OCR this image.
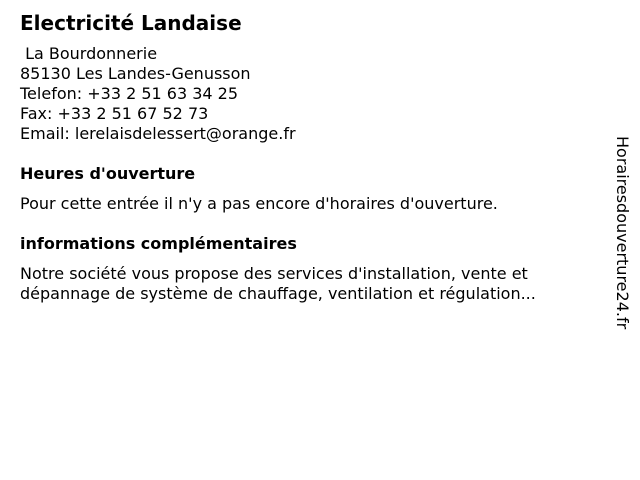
Electricité Landaise
La Bourdonnerie
85130 Les Landes-Genusson
Telefon: +33 2 51 63 34 25
Fax: +33 2 51 67 52 73
Email: lerelaisdelessert@orange.fr
Heures d'ouverture
Pour cette entrée il n'y a pas encore d'horaires d'ouverture.
informations complémentaires
Notre société vous propose des services d'installation, vente et dépannage de système de chauffage, ventilation et régulation...	Horairesdouverture24.fr
